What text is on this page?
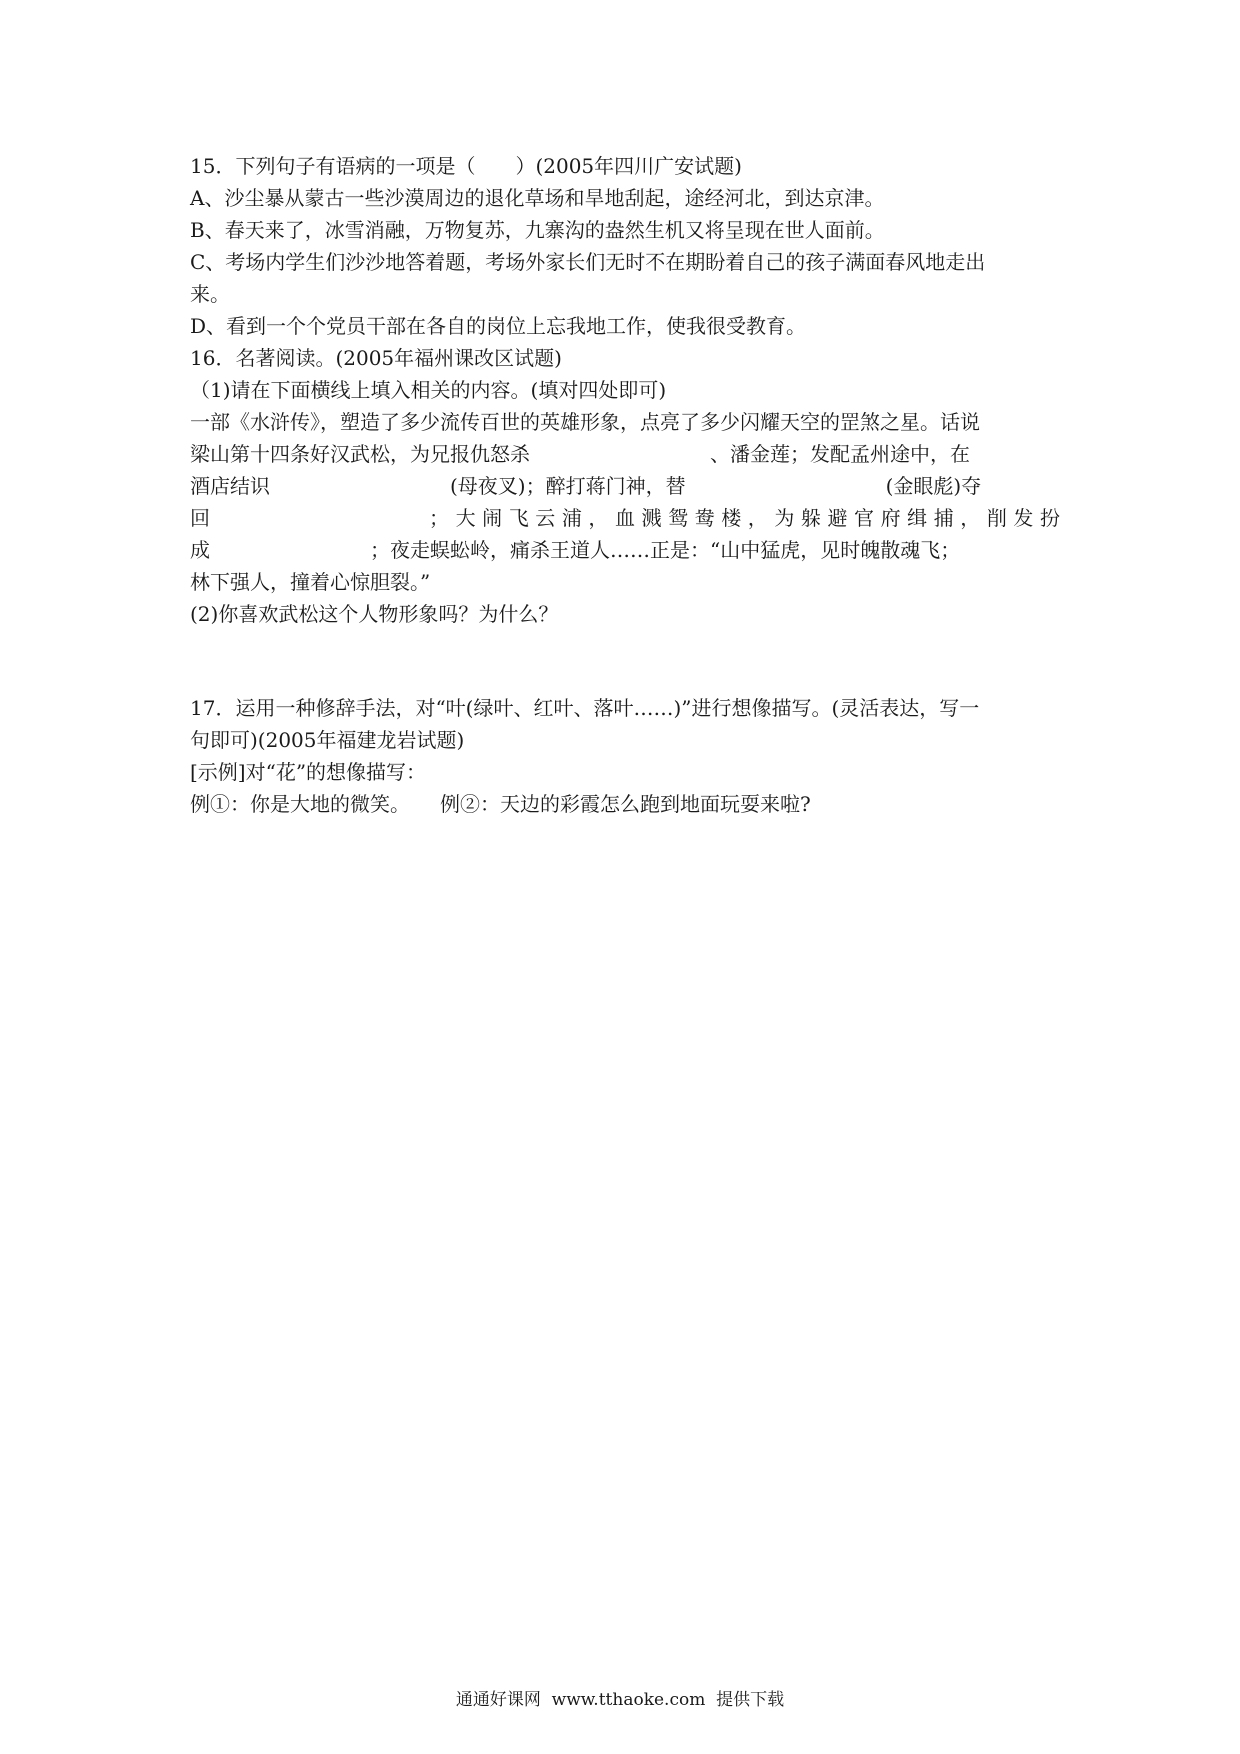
15．下列句子有语病的一项是（　　）(2005年四川广安试题)
A、沙尘暴从蒙古一些沙漠周边的退化草场和旱地刮起，途经河北，到达京津。
B、春天来了，冰雪消融，万物复苏，九寨沟的盎然生机又将呈现在世人面前。
C、考场内学生们沙沙地答着题，考场外家长们无时不在期盼着自己的孩子满面春风地走出
来。
D、看到一个个党员干部在各自的岗位上忘我地工作，使我很受教育。
16．名著阅读。(2005年福州课改区试题)
（1)请在下面横线上填入相关的内容。(填对四处即可)
一部《水浒传》，塑造了多少流传百世的英雄形象，点亮了多少闪耀天空的罡煞之星。话说
梁山第十四条好汉武松，为兄报仇怒杀　　　　　　　　　、潘金莲；发配孟州途中，在
酒店结识　　　　　　　　　(母夜叉)；醉打蒋门神，替　　　　　　　　　　(金眼彪)夺
回　　　　　　　　；大闹飞云浦，血溅鸳鸯楼，为躲避官府缉捕，削发扮
成　　　　　　　　；夜走蜈蚣岭，痛杀王道人……正是：“山中猛虎，见时魄散魂飞；
林下强人，撞着心惊胆裂。”
(2)你喜欢武松这个人物形象吗？为什么？
17．运用一种修辞手法，对“叶(绿叶、红叶、落叶……)”进行想像描写。(灵活表达，写一
句即可)(2005年福建龙岩试题)
[示例]对“花”的想像描写：
例①：你是大地的微笑。　　例②：天边的彩霞怎么跑到地面玩耍来啦?
通通好课网  www.tthaoke.com  提供下载
